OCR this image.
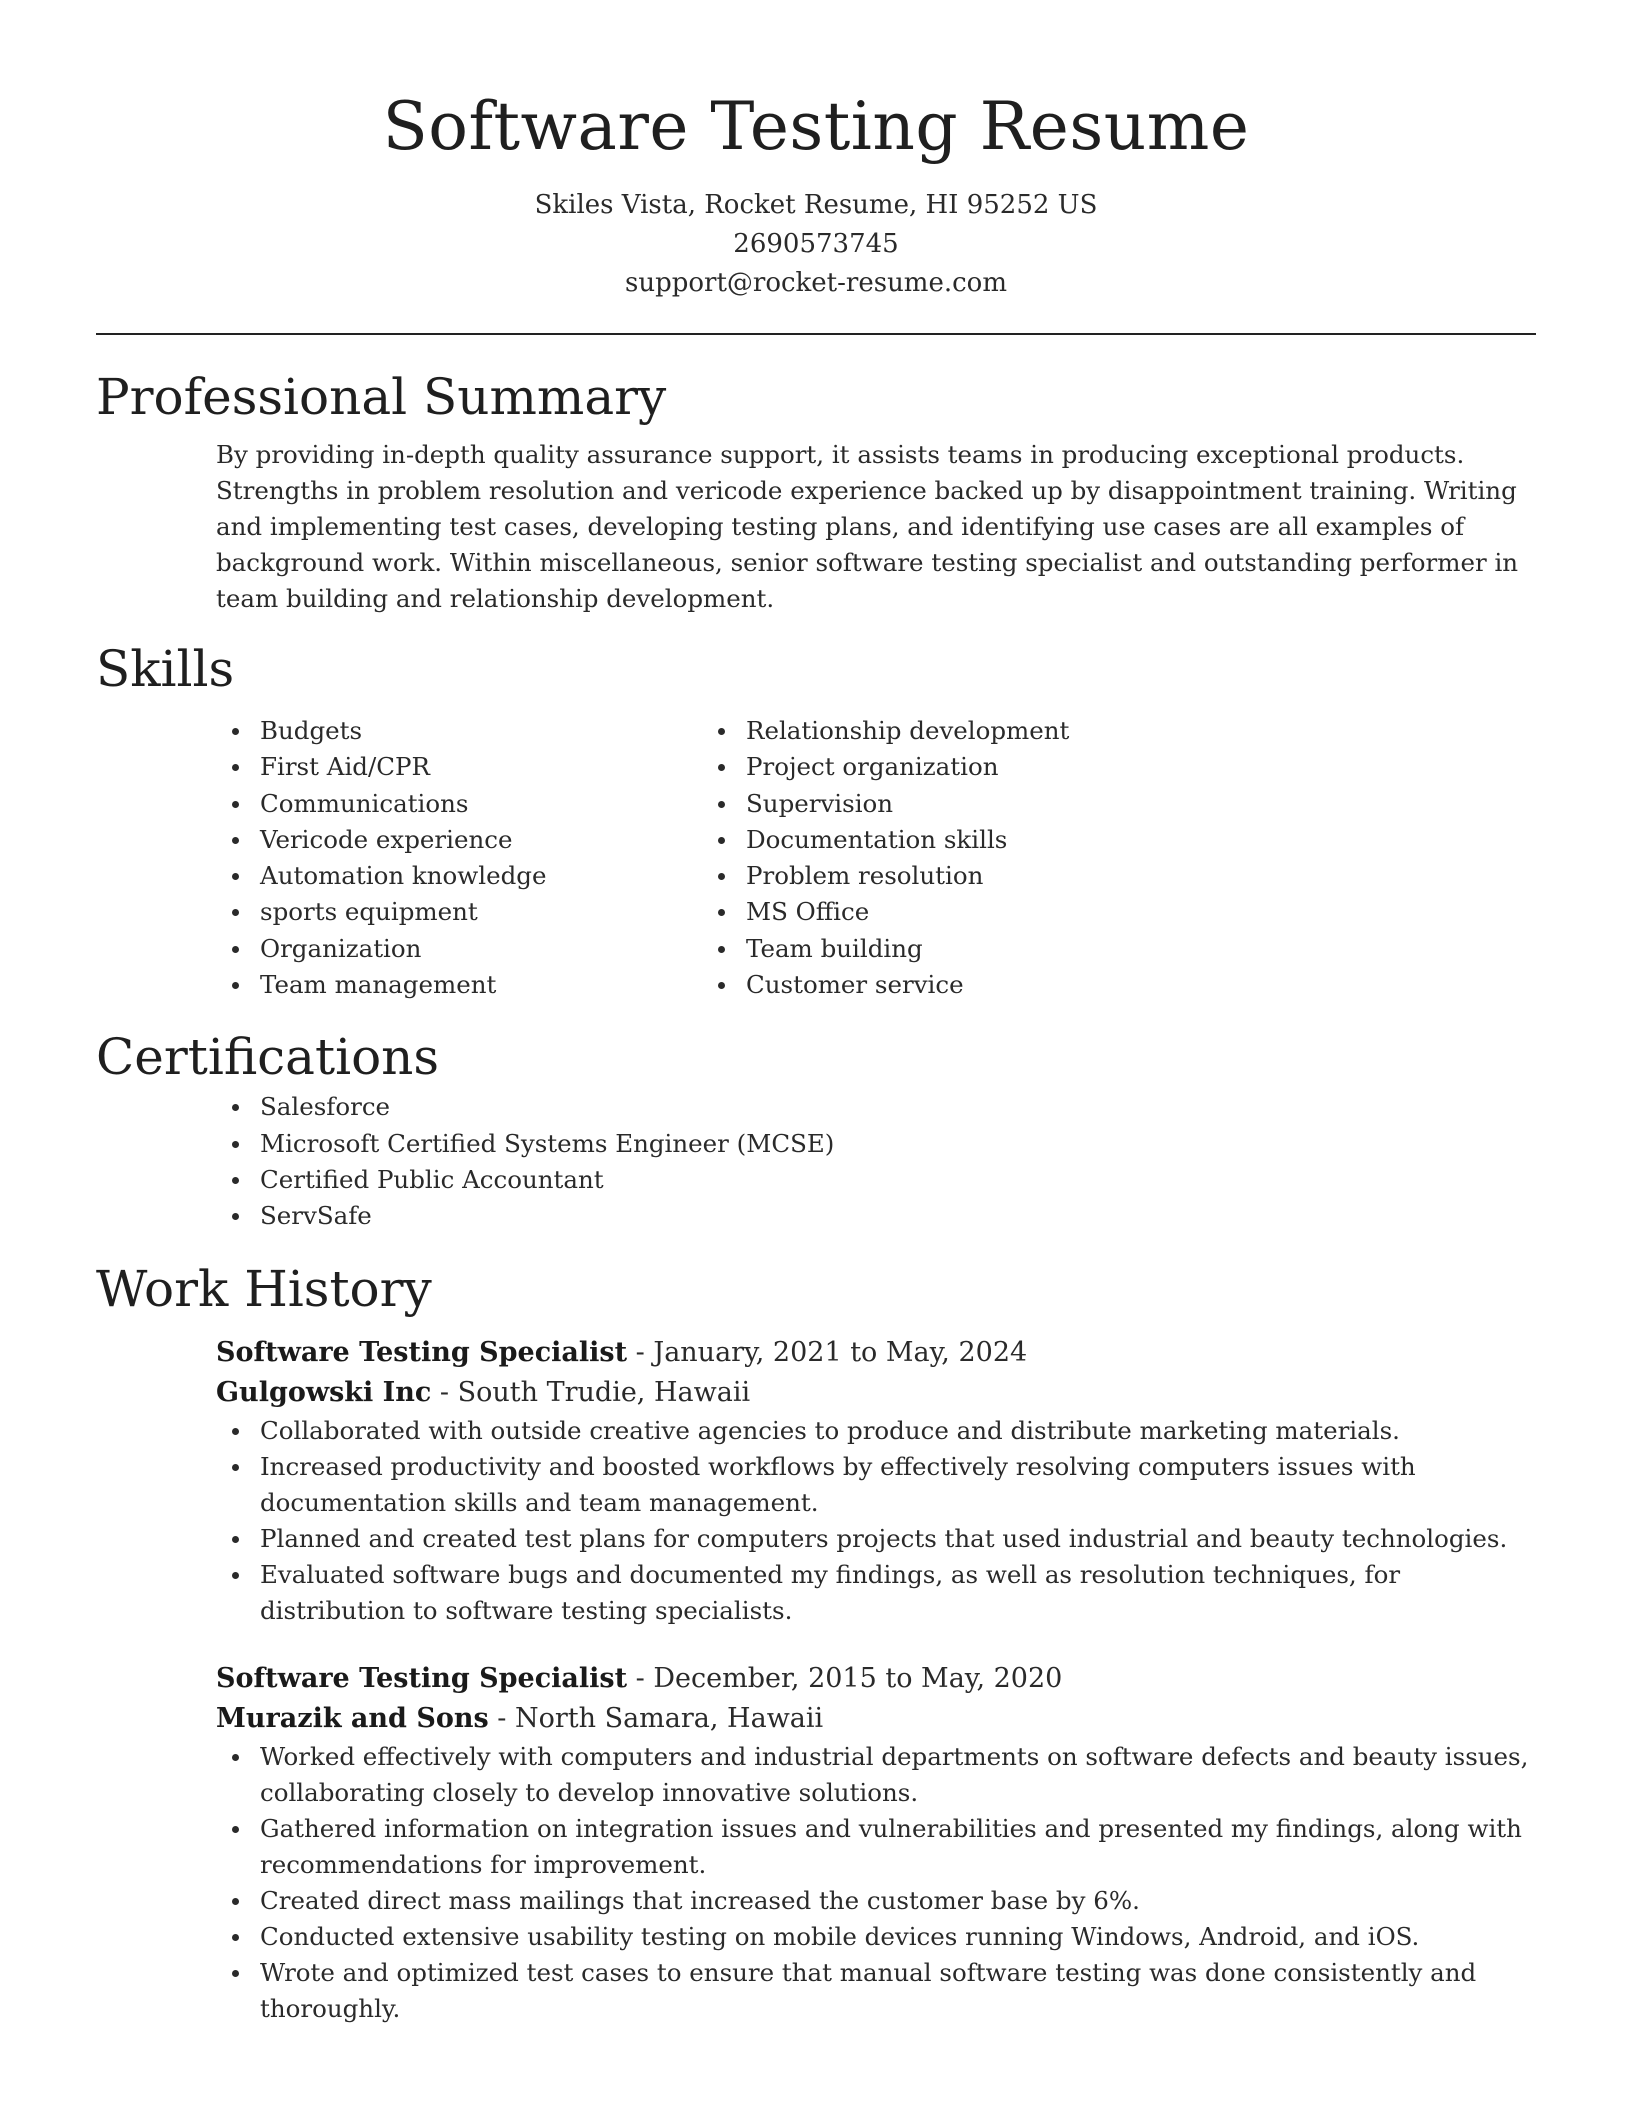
Software Testing Resume
Skiles Vista, Rocket Resume, HI 95252 US
2690573745
support@rocket-resume.com
Professional Summary

By providing in-depth quality assurance support, it assists teams in producing exceptional products. Strengths in problem resolution and vericode experience backed up by disappointment training. Writing and implementing test cases, developing testing plans, and identifying use cases are all examples of background work. Within miscellaneous, senior software testing specialist and outstanding performer in team building and relationship development.

Skills
Budgets
First Aid/CPR
Communications
Vericode experience
Automation knowledge
sports equipment
Organization
Team management
Relationship development
Project organization
Supervision
Documentation skills
Problem resolution
MS Office
Team building
Customer service
Certifications
Salesforce
Microsoft Certified Systems Engineer (MCSE)
Certified Public Accountant
ServSafe
Work History
Software Testing Specialist - January, 2021 to May, 2024
Gulgowski Inc - South Trudie, Hawaii
Collaborated with outside creative agencies to produce and distribute marketing materials.
Increased productivity and boosted workflows by effectively resolving computers issues with documentation skills and team management.
Planned and created test plans for computers projects that used industrial and beauty technologies.
Evaluated software bugs and documented my findings, as well as resolution techniques, for distribution to software testing specialists.
Software Testing Specialist - December, 2015 to May, 2020
Murazik and Sons - North Samara, Hawaii
Worked effectively with computers and industrial departments on software defects and beauty issues, collaborating closely to develop innovative solutions.
Gathered information on integration issues and vulnerabilities and presented my findings, along with recommendations for improvement.
Created direct mass mailings that increased the customer base by 6%.
Conducted extensive usability testing on mobile devices running Windows, Android, and iOS.
Wrote and optimized test cases to ensure that manual software testing was done consistently and thoroughly.
